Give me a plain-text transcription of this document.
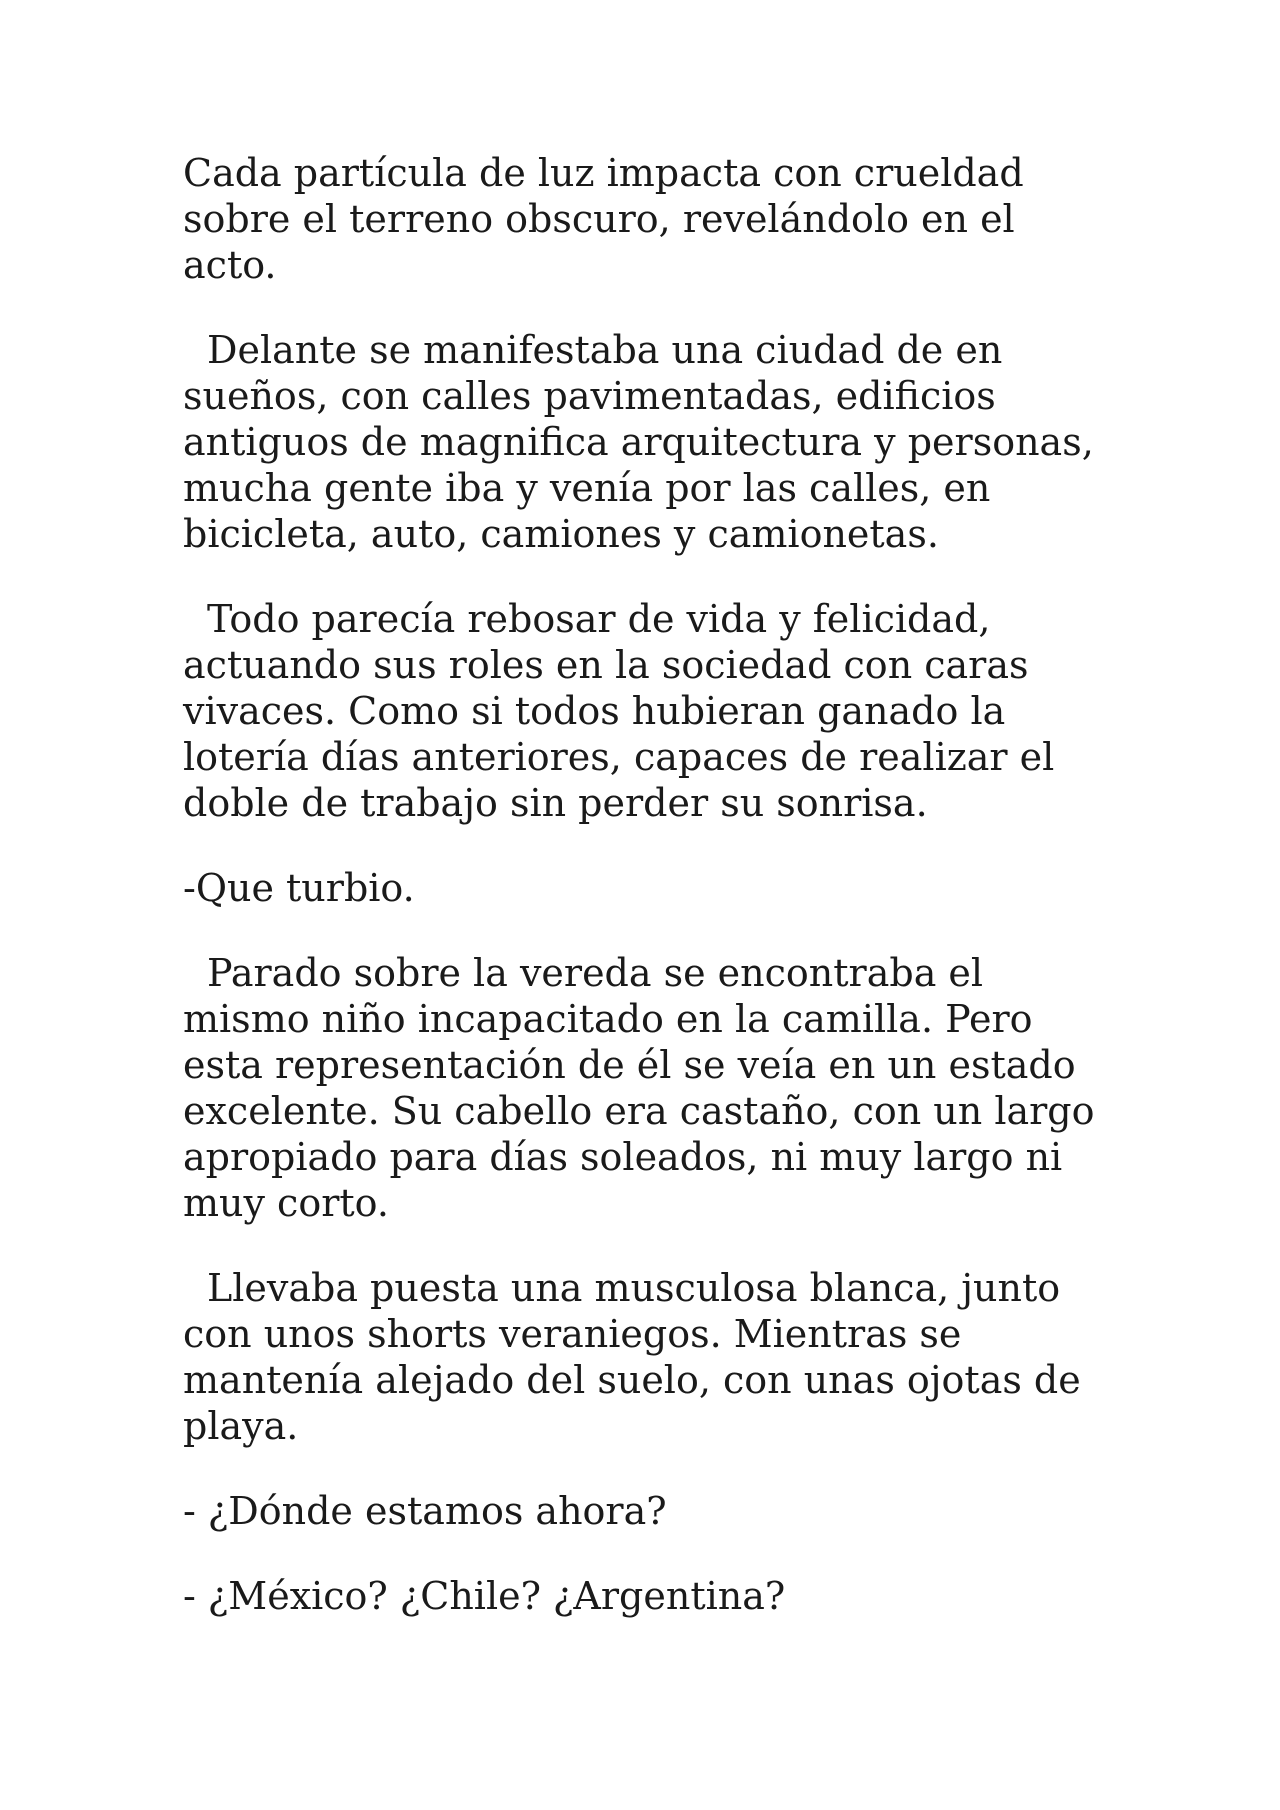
Cada partícula de luz impacta con crueldad sobre el terreno obscuro, revelándolo en el acto.

Delante se manifestaba una ciudad de en sueños, con calles pavimentadas, edificios antiguos de magnifica arquitectura y personas, mucha gente iba y venía por las calles, en bicicleta, auto, camiones y camionetas.

Todo parecía rebosar de vida y felicidad, actuando sus roles en la sociedad con caras vivaces. Como si todos hubieran ganado la lotería días anteriores, capaces de realizar el doble de trabajo sin perder su sonrisa.

-Que turbio.

Parado sobre la vereda se encontraba el mismo niño incapacitado en la camilla. Pero esta representación de él se veía en un estado excelente. Su cabello era castaño, con un largo apropiado para días soleados, ni muy largo ni muy corto.

Llevaba puesta una musculosa blanca, junto con unos shorts veraniegos. Mientras se mantenía alejado del suelo, con unas ojotas de playa.

- ¿Dónde estamos ahora?

- ¿México? ¿Chile? ¿Argentina?
